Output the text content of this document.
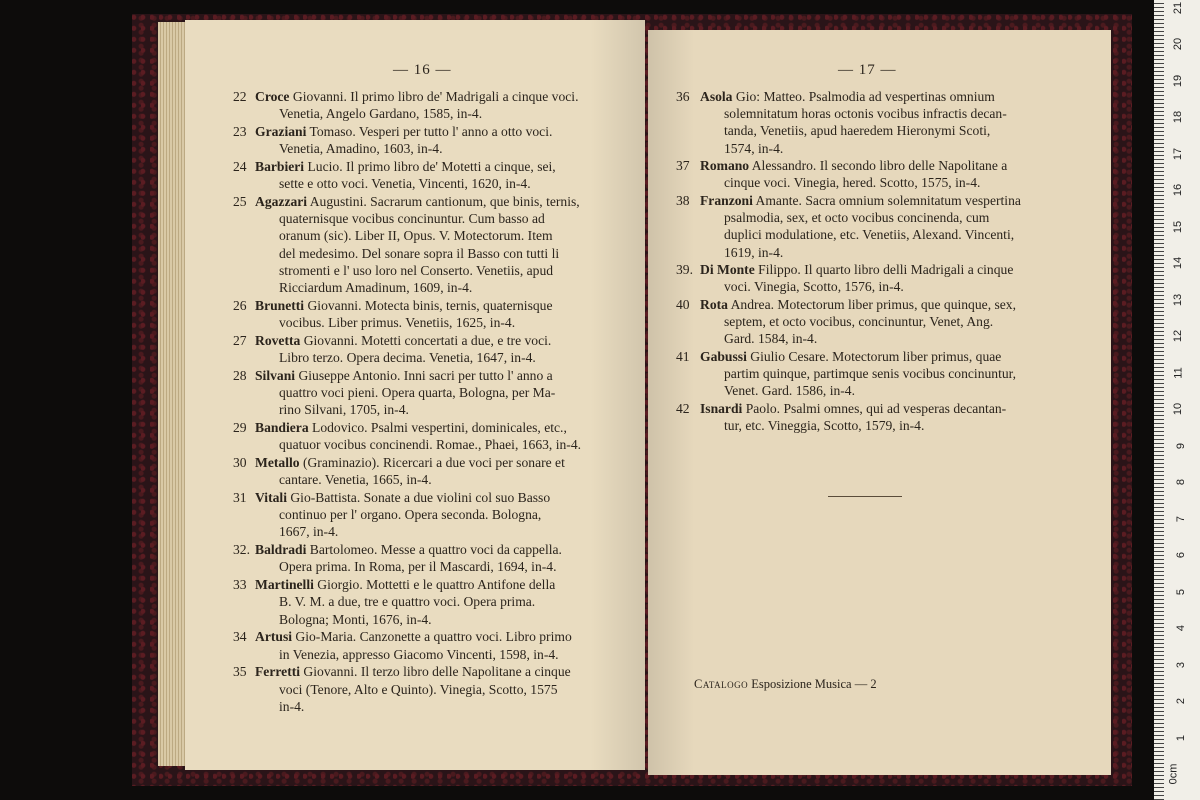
— 16 —
22 Croce Giovanni. Il primo libro de' Madrigali a cinque voci.
Venetia, Angelo Gardano, 1585, in-4.
23 Graziani Tomaso. Vesperi per tutto l' anno a otto voci.
Venetia, Amadino, 1603, in-4.
24 Barbieri Lucio. Il primo libro de' Motetti a cinque, sei,
sette e otto voci. Venetia, Vincenti, 1620, in-4.
25 Agazzari Augustini. Sacrarum cantionum, que binis, ternis,
quaternisque vocibus concinuntur. Cum basso ad
oranum (sic). Liber II, Opus. V. Motectorum. Item
del medesimo. Del sonare sopra il Basso con tutti li
stromenti e l' uso loro nel Conserto. Venetiis, apud
Ricciardum Amadinum, 1609, in-4.
26 Brunetti Giovanni. Motecta binis, ternis, quaternisque
vocibus. Liber primus. Venetiis, 1625, in-4.
27 Rovetta Giovanni. Motetti concertati a due, e tre voci.
Libro terzo. Opera decima. Venetia, 1647, in-4.
28 Silvani Giuseppe Antonio. Inni sacri per tutto l' anno a
quattro voci pieni. Opera quarta, Bologna, per Ma-
rino Silvani, 1705, in-4.
29 Bandiera Lodovico. Psalmi vespertini, dominicales, etc.,
quatuor vocibus concinendi. Romae., Phaei, 1663, in-4.
30 Metallo (Graminazio). Ricercari a due voci per sonare et
cantare. Venetia, 1665, in-4.
31 Vitali Gio-Battista. Sonate a due violini col suo Basso
continuo per l' organo. Opera seconda. Bologna,
1667, in-4.
32. Baldradi Bartolomeo. Messe a quattro voci da cappella.
Opera prima. In Roma, per il Mascardi, 1694, in-4.
33 Martinelli Giorgio. Mottetti e le quattro Antifone della
B. V. M. a due, tre e quattro voci. Opera prima.
Bologna; Monti, 1676, in-4.
34 Artusi Gio-Maria. Canzonette a quattro voci. Libro primo
in Venezia, appresso Giacomo Vincenti, 1598, in-4.
35 Ferretti Giovanni. Il terzo libro delle Napolitane a cinque
voci (Tenore, Alto e Quinto). Vinegia, Scotto, 1575
in-4.
— 17 —
36 Asola Gio: Matteo. Psalmodia ad vespertinas omnium
solemnitatum horas octonis vocibus infractis decan-
tanda, Venetiis, apud haeredem Hieronymi Scoti,
1574, in-4.
37 Romano Alessandro. Il secondo libro delle Napolitane a
cinque voci. Vinegia, hered. Scotto, 1575, in-4.
38 Franzoni Amante. Sacra omnium solemnitatum vespertina
psalmodia, sex, et octo vocibus concinenda, cum
duplici modulatione, etc. Venetiis, Alexand. Vincenti,
1619, in-4.
39. Di Monte Filippo. Il quarto libro delli Madrigali a cinque
voci. Vinegia, Scotto, 1576, in-4.
40 Rota Andrea. Motectorum liber primus, que quinque, sex,
septem, et octo vocibus, concinuntur, Venet, Ang.
Gard. 1584, in-4.
41 Gabussi Giulio Cesare. Motectorum liber primus, quae
partim quinque, partimque senis vocibus concinuntur,
Venet. Gard. 1586, in-4.
42 Isnardi Paolo. Psalmi omnes, qui ad vesperas decantan-
tur, etc. Vineggia, Scotto, 1579, in-4.
Catalogo Esposizione Musica — 2
0cm
1
2
3
4
5
6
7
8
9
10
11
12
13
14
15
16
17
18
19
20
21
